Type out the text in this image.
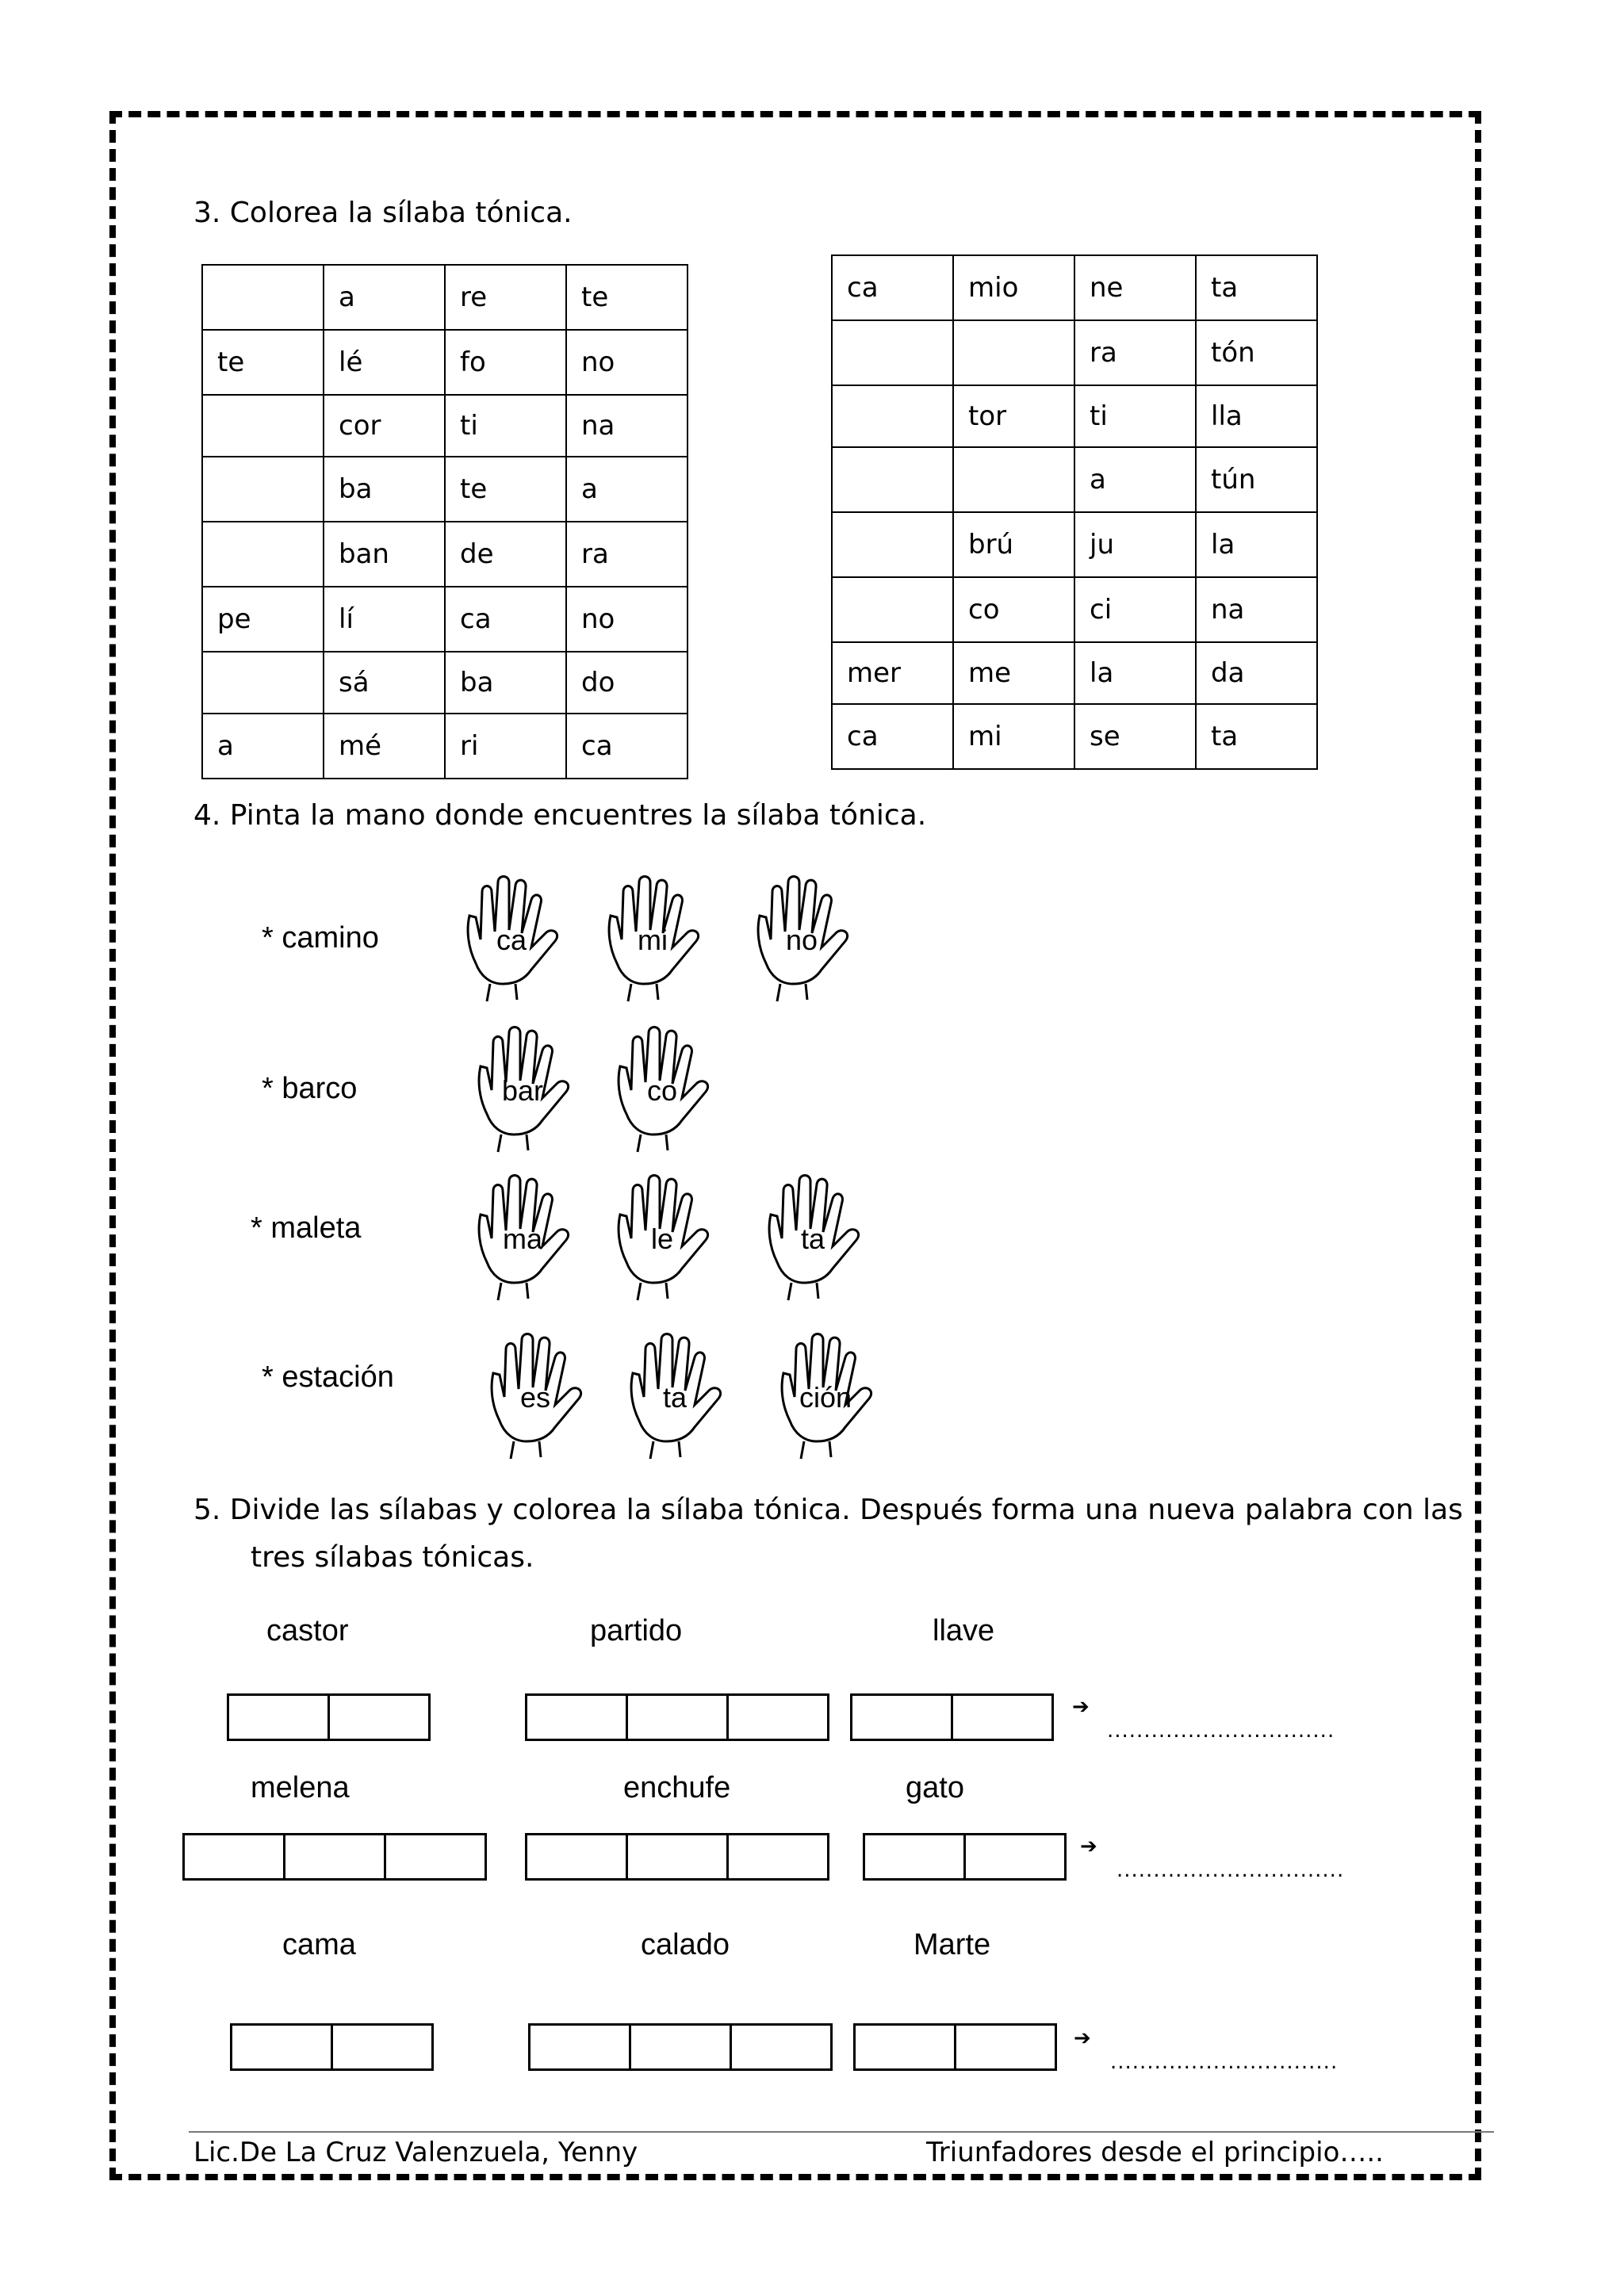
3. Colorea la sílaba tónica.
	a	re	te
te	lé	fo	no
	cor	ti	na
	ba	te	a
	ban	de	ra
pe	lí	ca	no
	sá	ba	do
a	mé	ri	ca
ca	mio	ne	ta
		ra	tón
	tor	ti	lla
		a	tún
	brú	ju	la
	co	ci	na
mer	me	la	da
ca	mi	se	ta
4. Pinta la mano donde encuentres la sílaba tónica.
* camino
* barco
* maleta
* estación
ca	mi	no
bar	co
ma	le	ta
es	ta	ción
5. Divide las sílabas y colorea la sílaba tónica. Después forma una nueva palabra con las
tres sílabas tónicas.
castor	partido	llave
➔
...............................
melena	enchufe	gato
➔
...............................
cama	calado	Marte
➔
...............................
Lic.De La Cruz Valenzuela, Yenny	Triunfadores desde el principio…..
